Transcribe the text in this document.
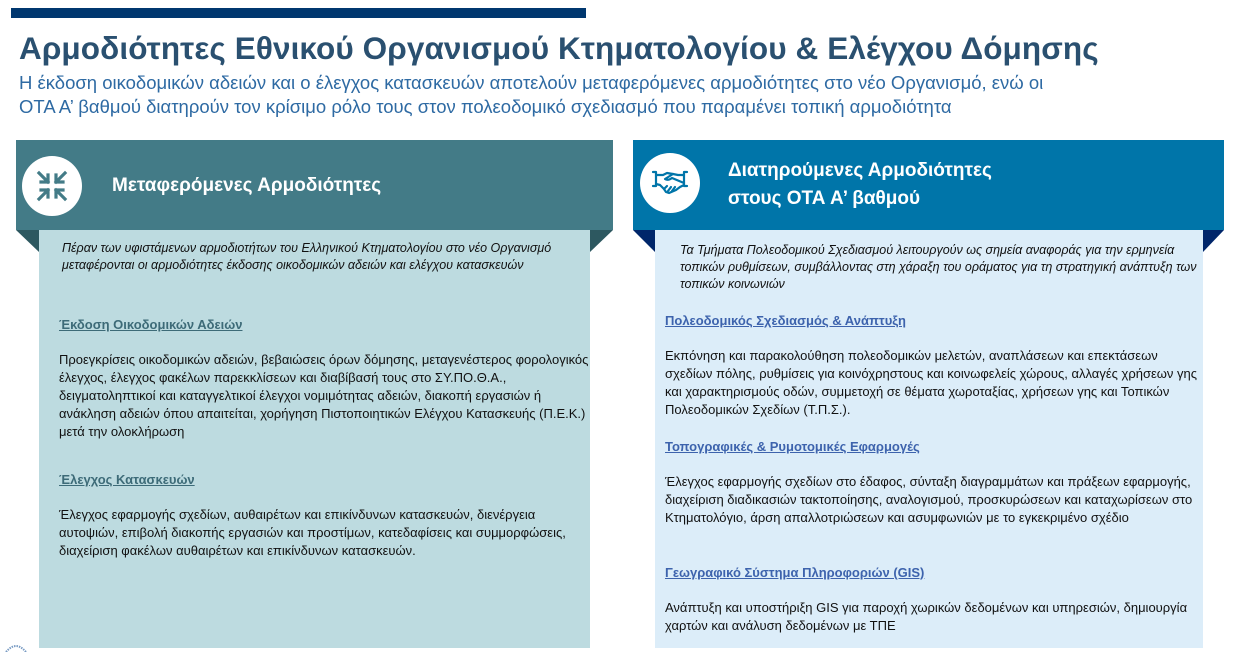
Αρμοδιότητες Εθνικού Οργανισμού Κτηματολογίου & Ελέγχου Δόμησης
Η έκδοση οικοδομικών αδειών και ο έλεγχος κατασκευών αποτελούν μεταφερόμενες αρμοδιότητες στο νέο Οργανισμό, ενώ οι
ΟΤΑ Α’ βαθμού διατηρούν τον κρίσιμο ρόλο τους στον πολεοδομικό σχεδιασμό που παραμένει τοπική αρμοδιότητα
Μεταφερόμενες Αρμοδιότητες
Πέραν των υφιστάμενων αρμοδιοτήτων του Ελληνικού Κτηματολογίου στο νέο Οργανισμό μεταφέρονται οι αρμοδιότητες έκδοσης οικοδομικών αδειών και ελέγχου κατασκευών
Έκδοση Οικοδομικών Αδειών
Προεγκρίσεις οικοδομικών αδειών, βεβαιώσεις όρων δόμησης, μεταγενέστερος φορολογικός έλεγχος, έλεγχος φακέλων παρεκκλίσεων και διαβίβασή τους στο ΣΥ.ΠΟ.Θ.Α., δειγματοληπτικοί και καταγγελτικοί έλεγχοι νομιμότητας αδειών, διακοπή εργασιών ή ανάκληση αδειών όπου απαιτείται, χορήγηση Πιστοποιητικών Ελέγχου Κατασκευής (Π.Ε.Κ.) μετά την ολοκλήρωση
Έλεγχος Κατασκευών
Έλεγχος εφαρμογής σχεδίων, αυθαιρέτων και επικίνδυνων κατασκευών, διενέργεια αυτοψιών, επιβολή διακοπής εργασιών και προστίμων, κατεδαφίσεις και συμμορφώσεις, διαχείριση φακέλων αυθαιρέτων και επικίνδυνων κατασκευών.
Διατηρούμενες Αρμοδιότητες
στους ΟΤΑ Α’ βαθμού
Τα Τμήματα Πολεοδομικού Σχεδιασμού λειτουργούν ως σημεία αναφοράς για την ερμηνεία τοπικών ρυθμίσεων, συμβάλλοντας στη χάραξη του οράματος για τη στρατηγική ανάπτυξη των τοπικών κοινωνιών
Πολεοδομικός Σχεδιασμός & Ανάπτυξη
Εκπόνηση και παρακολούθηση πολεοδομικών μελετών, αναπλάσεων και επεκτάσεων σχεδίων πόλης, ρυθμίσεις για κοινόχρηστους και κοινωφελείς χώρους, αλλαγές χρήσεων γης και χαρακτηρισμούς οδών, συμμετοχή σε θέματα χωροταξίας, χρήσεων γης και Τοπικών Πολεοδομικών Σχεδίων (Τ.Π.Σ.).
Τοπογραφικές & Ρυμοτομικές Εφαρμογές
Έλεγχος εφαρμογής σχεδίων στο έδαφος, σύνταξη διαγραμμάτων και πράξεων εφαρμογής, διαχείριση διαδικασιών τακτοποίησης, αναλογισμού, προσκυρώσεων και καταχωρίσεων στο Κτηματολόγιο, άρση απαλλοτριώσεων και ασυμφωνιών με το εγκεκριμένο σχέδιο
Γεωγραφικό Σύστημα Πληροφοριών (GIS)
Ανάπτυξη και υποστήριξη GIS για παροχή χωρικών δεδομένων και υπηρεσιών, δημιουργία χαρτών και ανάλυση δεδομένων με ΤΠΕ
